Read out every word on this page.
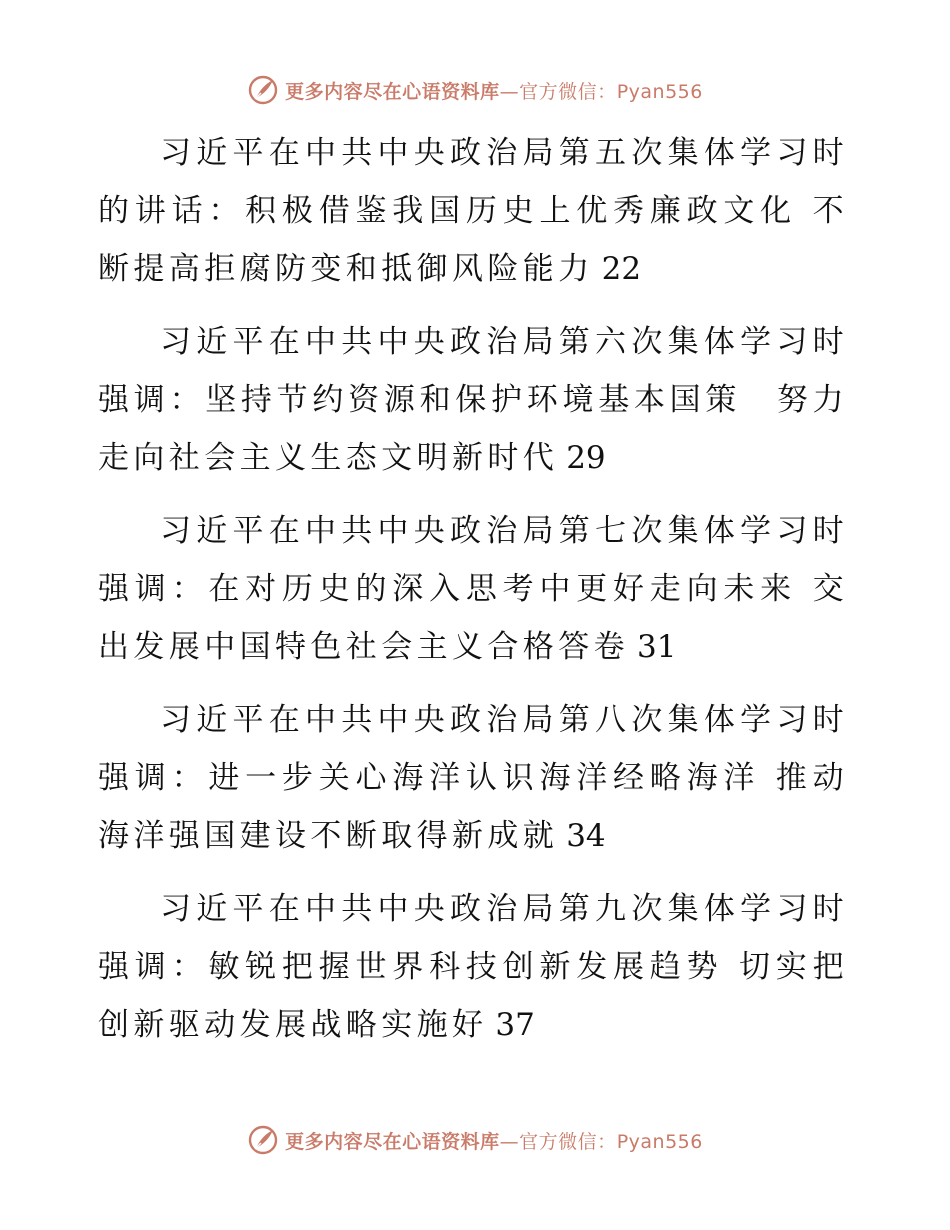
更多内容尽在心语资料库—官方微信：Pyan556
习近平在中共中央政治局第五次集体学习时的讲话：积极借鉴我国历史上优秀廉政文化 不断提高拒腐防变和抵御风险能力 22
习近平在中共中央政治局第六次集体学习时强调：坚持节约资源和保护环境基本国策　努力走向社会主义生态文明新时代 29
习近平在中共中央政治局第七次集体学习时强调：在对历史的深入思考中更好走向未来 交出发展中国特色社会主义合格答卷 31
习近平在中共中央政治局第八次集体学习时强调：进一步关心海洋认识海洋经略海洋 推动海洋强国建设不断取得新成就 34
习近平在中共中央政治局第九次集体学习时强调：敏锐把握世界科技创新发展趋势 切实把创新驱动发展战略实施好 37
更多内容尽在心语资料库—官方微信：Pyan556
